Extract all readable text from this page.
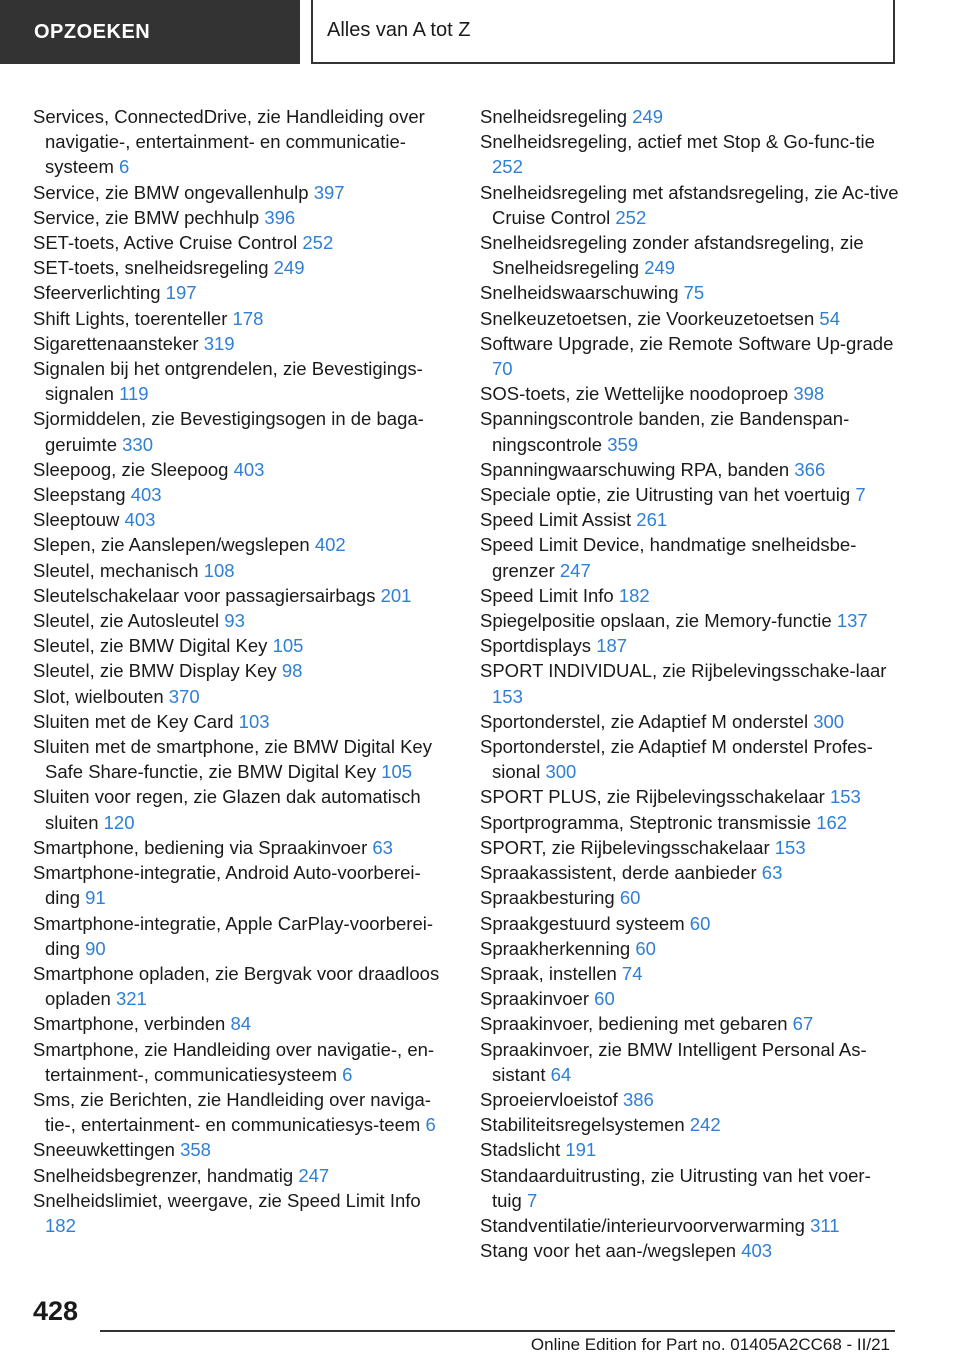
OPZOEKEN	Alles van A tot Z

Services, ConnectedDrive, zie Handleiding over navigatie-, entertainment- en communicatie-systeem 6

Service, zie BMW ongevallenhulp 397

Service, zie BMW pechhulp 396

SET-toets, Active Cruise Control 252

SET-toets, snelheidsregeling 249

Sfeerverlichting 197

Shift Lights, toerenteller 178

Sigarettenaansteker 319

Signalen bij het ontgrendelen, zie Bevestigings-signalen 119

Sjormiddelen, zie Bevestigingsogen in de baga-geruimte 330

Sleepoog, zie Sleepoog 403

Sleepstang 403

Sleeptouw 403

Slepen, zie Aanslepen/wegslepen 402

Sleutel, mechanisch 108

Sleutelschakelaar voor passagiersairbags 201

Sleutel, zie Autosleutel 93

Sleutel, zie BMW Digital Key 105

Sleutel, zie BMW Display Key 98

Slot, wielbouten 370

Sluiten met de Key Card 103

Sluiten met de smartphone, zie BMW Digital Key Safe Share-functie, zie BMW Digital Key 105

Sluiten voor regen, zie Glazen dak automatisch sluiten 120

Smartphone, bediening via Spraakinvoer 63

Smartphone-integratie, Android Auto-voorberei-ding 91

Smartphone-integratie, Apple CarPlay-voorberei-ding 90

Smartphone opladen, zie Bergvak voor draadloos opladen 321

Smartphone, verbinden 84

Smartphone, zie Handleiding over navigatie-, en-tertainment-, communicatiesysteem 6

Sms, zie Berichten, zie Handleiding over naviga-tie-, entertainment- en communicatiesys-teem 6

Sneeuwkettingen 358

Snelheidsbegrenzer, handmatig 247

Snelheidslimiet, weergave, zie Speed Limit Info 182

Snelheidsregeling 249

Snelheidsregeling, actief met Stop & Go-func-tie 252

Snelheidsregeling met afstandsregeling, zie Ac-tive Cruise Control 252

Snelheidsregeling zonder afstandsregeling, zie Snelheidsregeling 249

Snelheidswaarschuwing 75

Snelkeuzetoetsen, zie Voorkeuzetoetsen 54

Software Upgrade, zie Remote Software Up-grade 70

SOS-toets, zie Wettelijke noodoproep 398

Spanningscontrole banden, zie Bandenspan-ningscontrole 359

Spanningwaarschuwing RPA, banden 366

Speciale optie, zie Uitrusting van het voertuig 7

Speed Limit Assist 261

Speed Limit Device, handmatige snelheidsbe-grenzer 247

Speed Limit Info 182

Spiegelpositie opslaan, zie Memory-functie 137

Sportdisplays 187

SPORT INDIVIDUAL, zie Rijbelevingsschake-laar 153

Sportonderstel, zie Adaptief M onderstel 300

Sportonderstel, zie Adaptief M onderstel Profes-sional 300

SPORT PLUS, zie Rijbelevingsschakelaar 153

Sportprogramma, Steptronic transmissie 162

SPORT, zie Rijbelevingsschakelaar 153

Spraakassistent, derde aanbieder 63

Spraakbesturing 60

Spraakgestuurd systeem 60

Spraakherkenning 60

Spraak, instellen 74

Spraakinvoer 60

Spraakinvoer, bediening met gebaren 67

Spraakinvoer, zie BMW Intelligent Personal As-sistant 64

Sproeiervloeistof 386

Stabiliteitsregelsystemen 242

Stadslicht 191

Standaarduitrusting, zie Uitrusting van het voer-tuig 7

Standventilatie/interieurvoorverwarming 311

Stang voor het aan-/wegslepen 403

428
Online Edition for Part no. 01405A2CC68 - II/21
